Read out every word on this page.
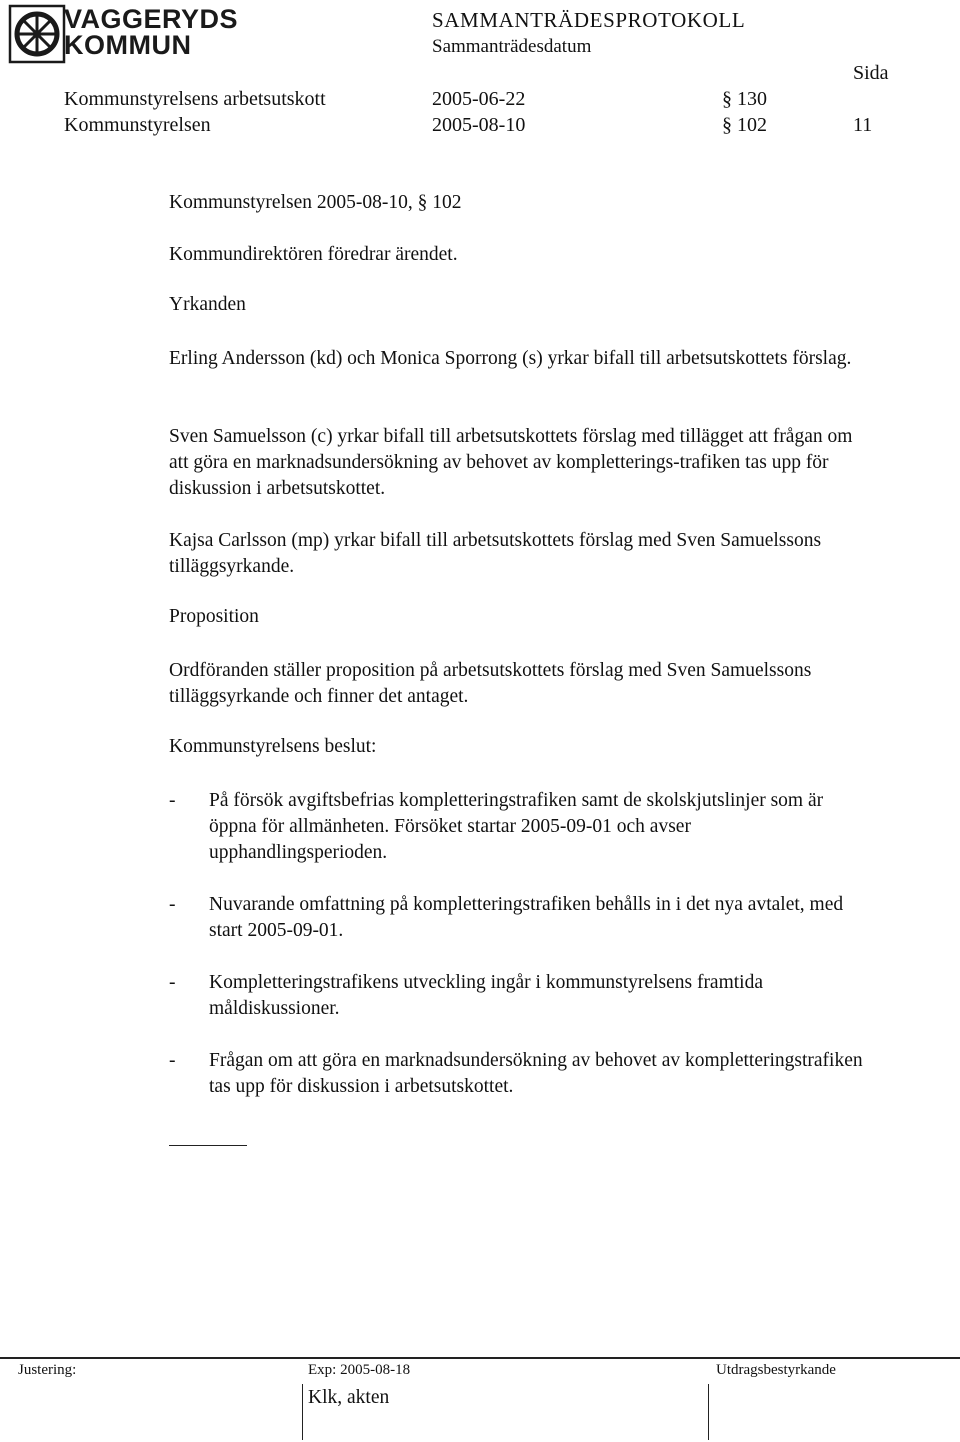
VAGGERYDS
KOMMUN
SAMMANTRÄDESPROTOKOLL
Sammanträdesdatum
Sida
Kommunstyrelsens arbetsutskott	2005-06-22	§ 130
Kommunstyrelsen	2005-08-10	§ 102	11
Kommunstyrelsen 2005-08-10, § 102
Kommundirektören föredrar ärendet.
Yrkanden
Erling Andersson (kd) och Monica Sporrong (s) yrkar bifall till arbetsutskottets förslag.
Sven Samuelsson (c) yrkar bifall till arbetsutskottets förslag med tillägget att frågan om att göra en marknadsundersökning av behovet av kompletterings-trafiken tas upp för diskussion i arbetsutskottet.
Kajsa Carlsson (mp) yrkar bifall till arbetsutskottets förslag med Sven Samuelssons tilläggsyrkande.
Proposition
Ordföranden ställer proposition på arbetsutskottets förslag med Sven Samuelssons tilläggsyrkande och finner det antaget.
Kommunstyrelsens beslut:
- På försök avgiftsbefrias kompletteringstrafiken samt de skolskjutslinjer som är öppna för allmänheten. Försöket startar 2005-09-01 och avser upphandlingsperioden.
- Nuvarande omfattning på kompletteringstrafiken behålls in i det nya avtalet, med start 2005-09-01.
- Kompletteringstrafikens utveckling ingår i kommunstyrelsens framtida måldiskussioner.
- Frågan om att göra en marknadsundersökning av behovet av kompletteringstrafiken tas upp för diskussion i arbetsutskottet.
Justering:	Exp: 2005-08-18	Utdragsbestyrkande
Klk, akten
